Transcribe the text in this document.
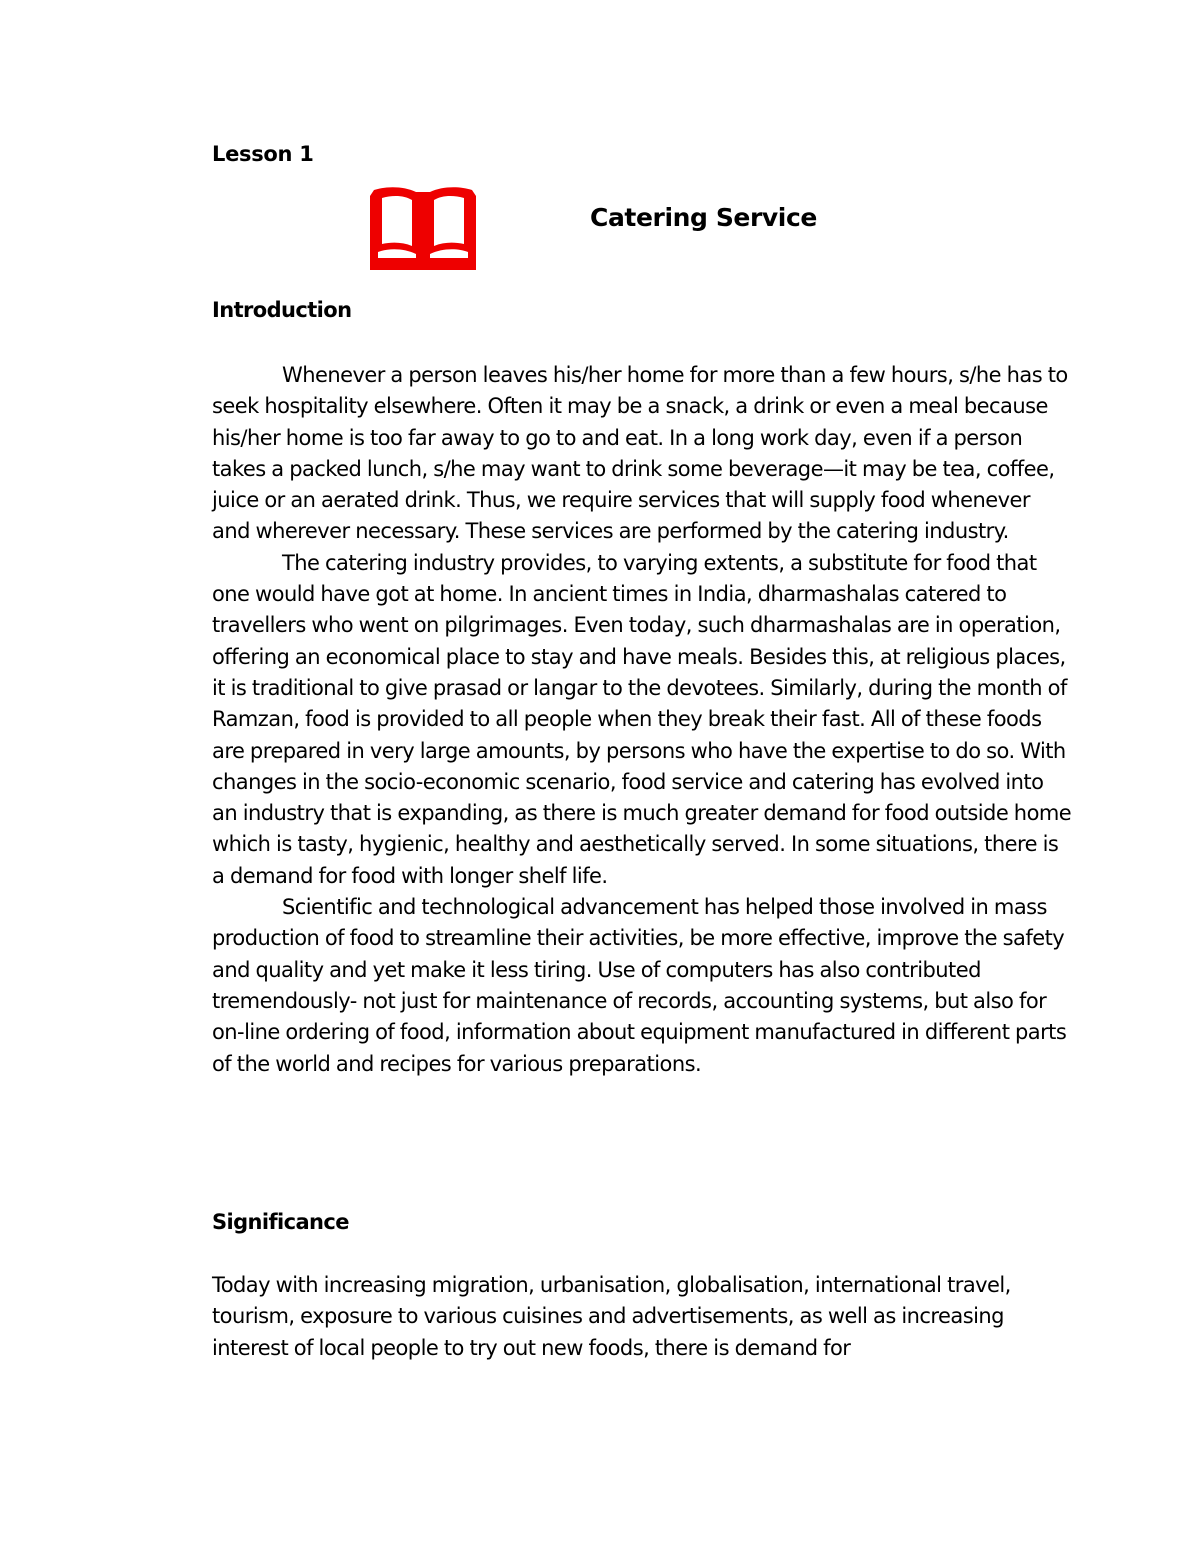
Lesson 1
Catering Service
Introduction

Whenever a person leaves his/her home for more than a few hours, s/he has to seek hospitality elsewhere. Often it may be a snack, a drink or even a meal because his/her home is too far away to go to and eat. In a long work day, even if a person takes a packed lunch, s/he may want to drink some beverage—it may be tea, coffee, juice or an aerated drink. Thus, we require services that will supply food whenever and wherever necessary. These services are performed by the catering industry.

The catering industry provides, to varying extents, a substitute for food that one would have got at home. In ancient times in India, dharmashalas catered to travellers who went on pilgrimages. Even today, such dharmashalas are in operation, offering an economical place to stay and have meals. Besides this, at religious places, it is traditional to give prasad or langar to the devotees. Similarly, during the month of Ramzan, food is provided to all people when they break their fast. All of these foods are prepared in very large amounts, by persons who have the expertise to do so. With changes in the socio-economic scenario, food service and catering has evolved into an industry that is expanding, as there is much greater demand for food outside home which is tasty, hygienic, healthy and aesthetically served. In some situations, there is a demand for food with longer shelf life.

Scientific and technological advancement has helped those involved in mass production of food to streamline their activities, be more effective, improve the safety and quality and yet make it less tiring. Use of computers has also contributed tremendously- not just for maintenance of records, accounting systems, but also for on-line ordering of food, information about equipment manufactured in different parts of the world and recipes for various preparations.

Significance

Today with increasing migration, urbanisation, globalisation, international travel, tourism, exposure to various cuisines and advertisements, as well as increasing interest of local people to try out new foods, there is demand for
